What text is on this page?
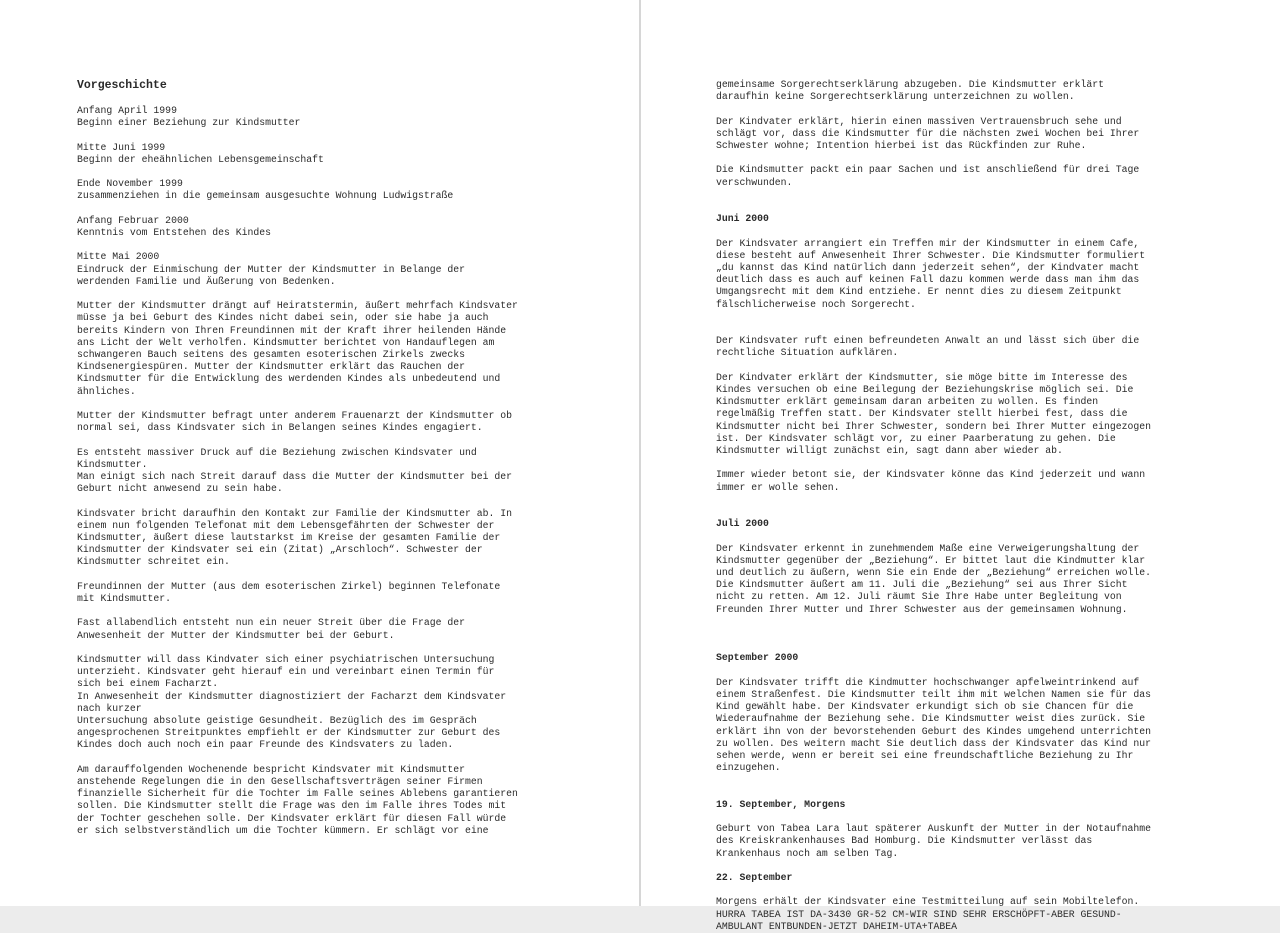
Vorgeschichte

Anfang April 1999
Beginn einer Beziehung zur Kindsmutter

Mitte Juni 1999
Beginn der eheähnlichen Lebensgemeinschaft

Ende November 1999
zusammenziehen in die gemeinsam ausgesuchte Wohnung Ludwigstraße

Anfang Februar 2000
Kenntnis vom Entstehen des Kindes

Mitte Mai 2000
Eindruck der Einmischung der Mutter der Kindsmutter in Belange der
werdenden Familie und Äußerung von Bedenken.

Mutter der Kindsmutter drängt auf Heiratstermin, äußert mehrfach Kindsvater
müsse ja bei Geburt des Kindes nicht dabei sein, oder sie habe ja auch
bereits Kindern von Ihren Freundinnen mit der Kraft ihrer heilenden Hände
ans Licht der Welt verholfen. Kindsmutter berichtet von Handauflegen am
schwangeren Bauch seitens des gesamten esoterischen Zirkels zwecks
Kindsenergiespüren. Mutter der Kindsmutter erklärt das Rauchen der
Kindsmutter für die Entwicklung des werdenden Kindes als unbedeutend und
ähnliches.

Mutter der Kindsmutter befragt unter anderem Frauenarzt der Kindsmutter ob
normal sei, dass Kindsvater sich in Belangen seines Kindes engagiert.

Es entsteht massiver Druck auf die Beziehung zwischen Kindsvater und
Kindsmutter.
Man einigt sich nach Streit darauf dass die Mutter der Kindsmutter bei der
Geburt nicht anwesend zu sein habe.

Kindsvater bricht daraufhin den Kontakt zur Familie der Kindsmutter ab. In
einem nun folgenden Telefonat mit dem Lebensgefährten der Schwester der
Kindsmutter, äußert diese lautstarkst im Kreise der gesamten Familie der
Kindsmutter der Kindsvater sei ein (Zitat) „Arschloch“. Schwester der
Kindsmutter schreitet ein.

Freundinnen der Mutter (aus dem esoterischen Zirkel) beginnen Telefonate
mit Kindsmutter.

Fast allabendlich entsteht nun ein neuer Streit über die Frage der
Anwesenheit der Mutter der Kindsmutter bei der Geburt.

Kindsmutter will dass Kindvater sich einer psychiatrischen Untersuchung
unterzieht. Kindsvater geht hierauf ein und vereinbart einen Termin für
sich bei einem Facharzt.
In Anwesenheit der Kindsmutter diagnostiziert der Facharzt dem Kindsvater
nach kurzer
Untersuchung absolute geistige Gesundheit. Bezüglich des im Gespräch
angesprochenen Streitpunktes empfiehlt er der Kindsmutter zur Geburt des
Kindes doch auch noch ein paar Freunde des Kindsvaters zu laden.

Am darauffolgenden Wochenende bespricht Kindsvater mit Kindsmutter
anstehende Regelungen die in den Gesellschaftsverträgen seiner Firmen
finanzielle Sicherheit für die Tochter im Falle seines Ablebens garantieren
sollen. Die Kindsmutter stellt die Frage was den im Falle ihres Todes mit
der Tochter geschehen solle. Der Kindsvater erklärt für diesen Fall würde
er sich selbstverständlich um die Tochter kümmern. Er schlägt vor eine

gemeinsame Sorgerechtserklärung abzugeben. Die Kindsmutter erklärt
daraufhin keine Sorgerechtserklärung unterzeichnen zu wollen.

Der Kindvater erklärt, hierin einen massiven Vertrauensbruch sehe und
schlägt vor, dass die Kindsmutter für die nächsten zwei Wochen bei Ihrer
Schwester wohne; Intention hierbei ist das Rückfinden zur Ruhe.

Die Kindsmutter packt ein paar Sachen und ist anschließend für drei Tage
verschwunden.

Juni 2000

Der Kindsvater arrangiert ein Treffen mir der Kindsmutter in einem Cafe,
diese besteht auf Anwesenheit Ihrer Schwester. Die Kindsmutter formuliert
„du kannst das Kind natürlich dann jederzeit sehen“, der Kindvater macht
deutlich dass es auch auf keinen Fall dazu kommen werde dass man ihm das
Umgangsrecht mit dem Kind entziehe. Er nennt dies zu diesem Zeitpunkt
fälschlicherweise noch Sorgerecht.

Der Kindsvater ruft einen befreundeten Anwalt an und lässt sich über die
rechtliche Situation aufklären.

Der Kindvater erklärt der Kindsmutter, sie möge bitte im Interesse des
Kindes versuchen ob eine Beilegung der Beziehungskrise möglich sei. Die
Kindsmutter erklärt gemeinsam daran arbeiten zu wollen. Es finden
regelmäßig Treffen statt. Der Kindsvater stellt hierbei fest, dass die
Kindsmutter nicht bei Ihrer Schwester, sondern bei Ihrer Mutter eingezogen
ist. Der Kindsvater schlägt vor, zu einer Paarberatung zu gehen. Die
Kindsmutter willigt zunächst ein, sagt dann aber wieder ab.

Immer wieder betont sie, der Kindsvater könne das Kind jederzeit und wann
immer er wolle sehen.

Juli 2000

Der Kindsvater erkennt in zunehmendem Maße eine Verweigerungshaltung der
Kindsmutter gegenüber der „Beziehung“. Er bittet laut die Kindmutter klar
und deutlich zu äußern, wenn Sie ein Ende der „Beziehung“ erreichen wolle.
Die Kindsmutter äußert am 11. Juli die „Beziehung“ sei aus Ihrer Sicht
nicht zu retten. Am 12. Juli räumt Sie Ihre Habe unter Begleitung von
Freunden Ihrer Mutter und Ihrer Schwester aus der gemeinsamen Wohnung.

September 2000

Der Kindsvater trifft die Kindmutter hochschwanger apfelweintrinkend auf
einem Straßenfest. Die Kindsmutter teilt ihm mit welchen Namen sie für das
Kind gewählt habe. Der Kindsvater erkundigt sich ob sie Chancen für die
Wiederaufnahme der Beziehung sehe. Die Kindsmutter weist dies zurück. Sie
erklärt ihn von der bevorstehenden Geburt des Kindes umgehend unterrichten
zu wollen. Des weitern macht Sie deutlich dass der Kindsvater das Kind nur
sehen werde, wenn er bereit sei eine freundschaftliche Beziehung zu Ihr
einzugehen.

19. September, Morgens

Geburt von Tabea Lara laut späterer Auskunft der Mutter in der Notaufnahme
des Kreiskrankenhauses Bad Homburg. Die Kindsmutter verlässt das
Krankenhaus noch am selben Tag.

22. September

Morgens erhält der Kindsvater eine Testmitteilung auf sein Mobiltelefon.
HURRA TABEA IST DA-3430 GR-52 CM-WIR SIND SEHR ERSCHÖPFT-ABER GESUND-
AMBULANT ENTBUNDEN-JETZT DAHEIM-UTA+TABEA
